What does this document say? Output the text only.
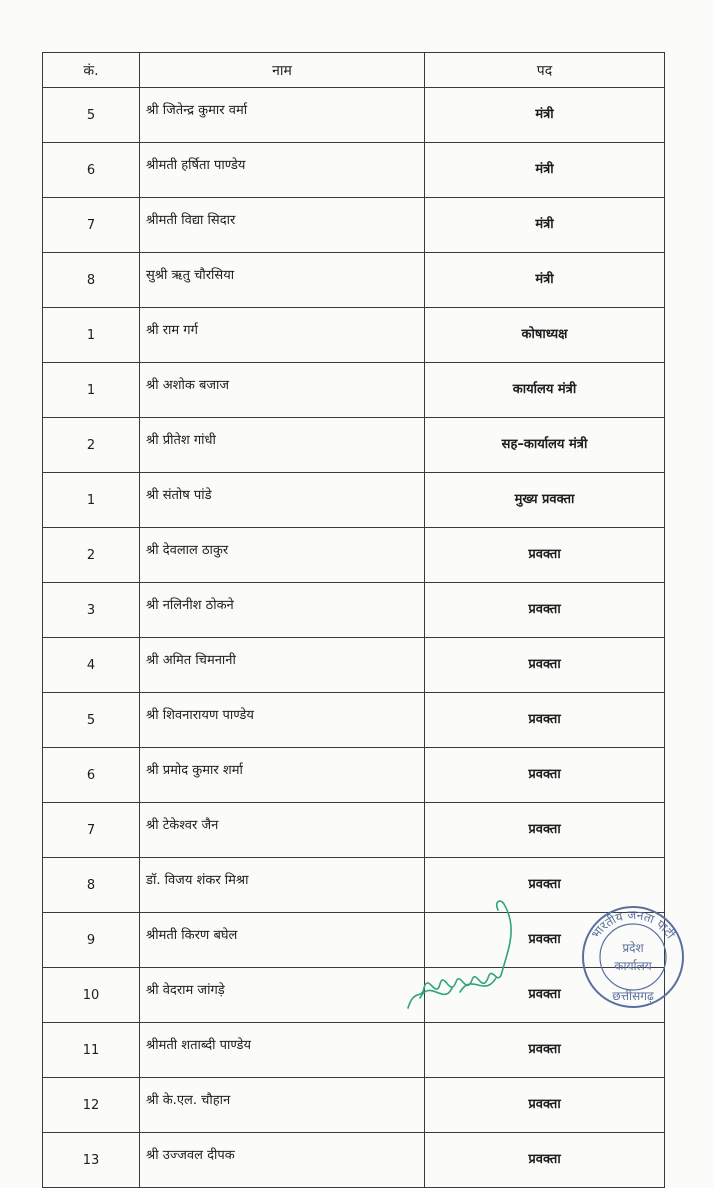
कं.	नाम	पद
5	श्री जितेन्द्र कुमार वर्मा	मंत्री
6	श्रीमती हर्षिता पाण्डेय	मंत्री
7	श्रीमती विद्या सिदार	मंत्री
8	सुश्री ऋतु चौरसिया	मंत्री
1	श्री राम गर्ग	कोषाध्यक्ष
1	श्री अशोक बजाज	कार्यालय मंत्री
2	श्री प्रीतेश गांधी	सह–कार्यालय मंत्री
1	श्री संतोष पांडे	मुख्य प्रवक्ता
2	श्री देवलाल ठाकुर	प्रवक्ता
3	श्री नलिनीश ठोकने	प्रवक्ता
4	श्री अमित चिमनानी	प्रवक्ता
5	श्री शिवनारायण पाण्डेय	प्रवक्ता
6	श्री प्रमोद कुमार शर्मा	प्रवक्ता
7	श्री टेकेश्वर जैन	प्रवक्ता
8	डॉ. विजय शंकर मिश्रा	प्रवक्ता
9	श्रीमती किरण बघेल	प्रवक्ता
10	श्री वेदराम जांगड़े	प्रवक्ता
11	श्रीमती शताब्दी पाण्डेय	प्रवक्ता
12	श्री के.एल. चौहान	प्रवक्ता
13	श्री उज्जवल दीपक	प्रवक्ता
भारतीय जनता पार्टी
प्रदेश
कार्यालय
छत्तीसगढ़
